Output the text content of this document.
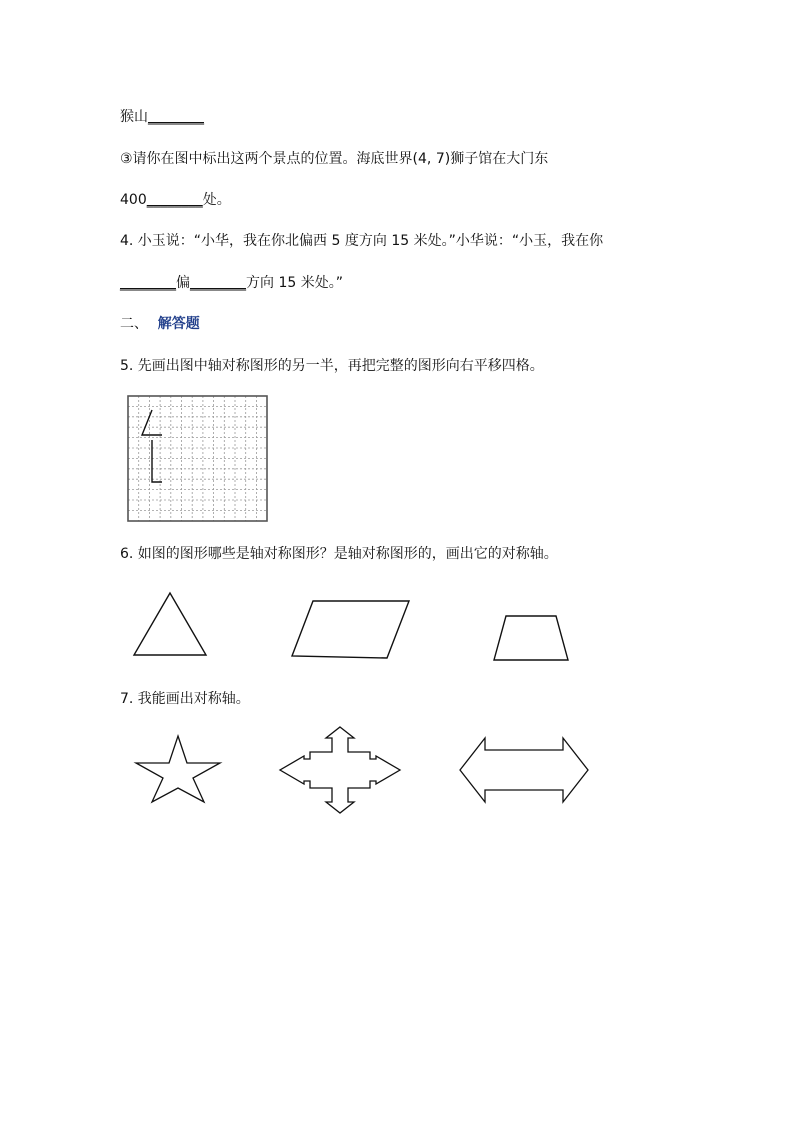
猴山________
③请你在图中标出这两个景点的位置。海底世界(4, 7)狮子馆在大门东
400________处。
4. 小玉说：“小华，我在你北偏西 5 度方向 15 米处。”小华说：“小玉，我在你
________偏________方向 15 米处。”
二、 解答题
5. 先画出图中轴对称图形的另一半，再把完整的图形向右平移四格。
6. 如图的图形哪些是轴对称图形？是轴对称图形的，画出它的对称轴。
7. 我能画出对称轴。
